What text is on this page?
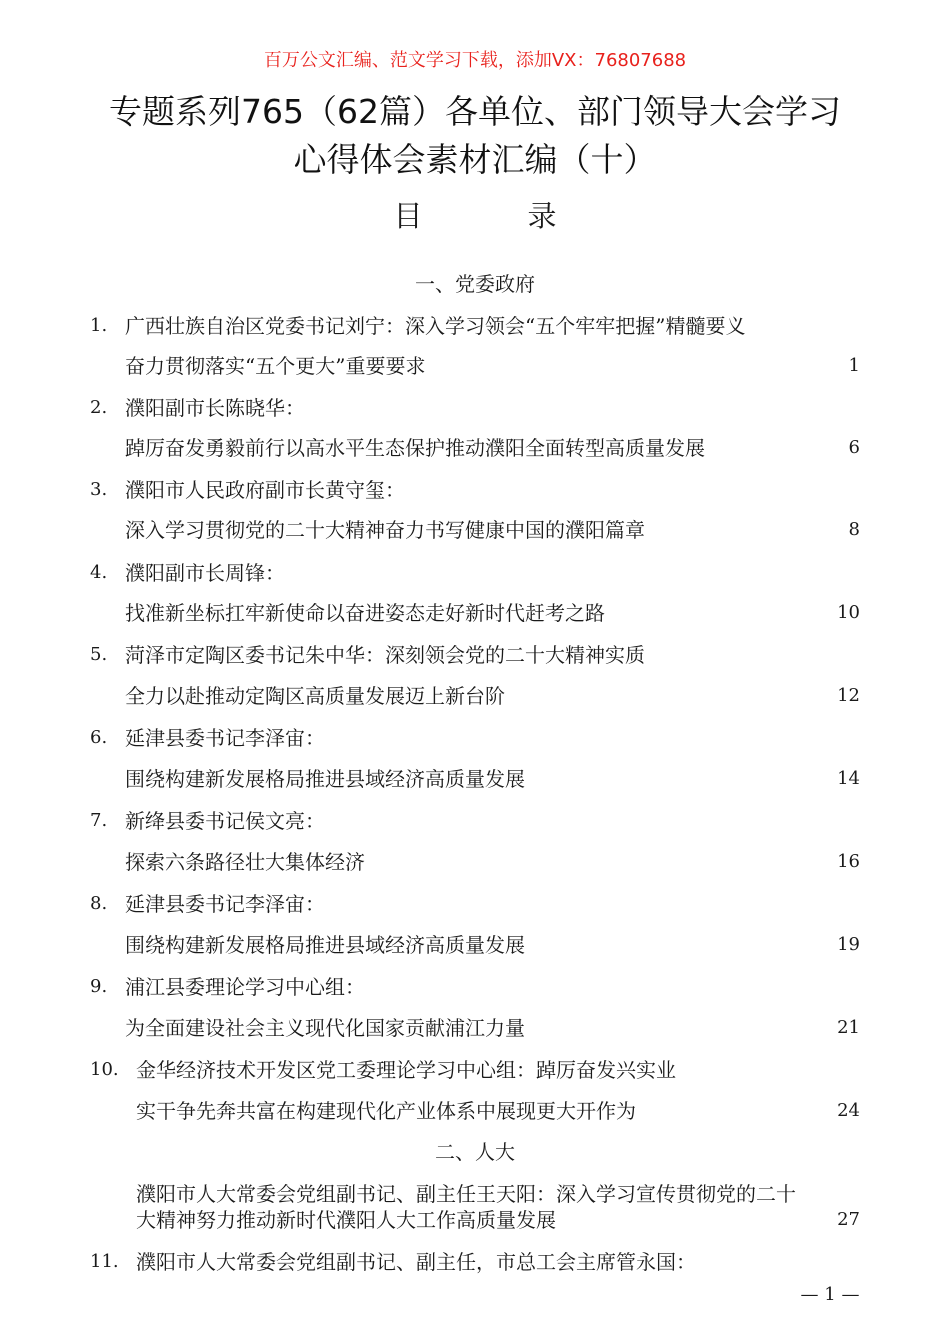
百万公文汇编、范文学习下载，添加VX：76807688
专题系列765（62篇）各单位、部门领导大会学习
心得体会素材汇编（十）
目　录
一、党委政府
1. 广西壮族自治区党委书记刘宁：深入学习领会“五个牢牢把握”精髓要义
奋力贯彻落实“五个更大”重要要求	1
2. 濮阳副市长陈晓华：
踔厉奋发勇毅前行以高水平生态保护推动濮阳全面转型高质量发展	6
3. 濮阳市人民政府副市长黄守玺：
深入学习贯彻党的二十大精神奋力书写健康中国的濮阳篇章	8
4. 濮阳副市长周锋：
找准新坐标扛牢新使命以奋进姿态走好新时代赶考之路	10
5. 菏泽市定陶区委书记朱中华：深刻领会党的二十大精神实质
全力以赴推动定陶区高质量发展迈上新台阶	12
6. 延津县委书记李泽宙：
围绕构建新发展格局推进县域经济高质量发展	14
7. 新绛县委书记侯文亮：
探索六条路径壮大集体经济	16
8. 延津县委书记李泽宙：
围绕构建新发展格局推进县域经济高质量发展	19
9. 浦江县委理论学习中心组：
为全面建设社会主义现代化国家贡献浦江力量	21
10. 金华经济技术开发区党工委理论学习中心组：踔厉奋发兴实业
实干争先奔共富在构建现代化产业体系中展现更大开作为	24
二、人大
濮阳市人大常委会党组副书记、副主任王天阳：深入学习宣传贯彻党的二十
大精神努力推动新时代濮阳人大工作高质量发展	27
11. 濮阳市人大常委会党组副书记、副主任，市总工会主席管永国：
— 1 —
